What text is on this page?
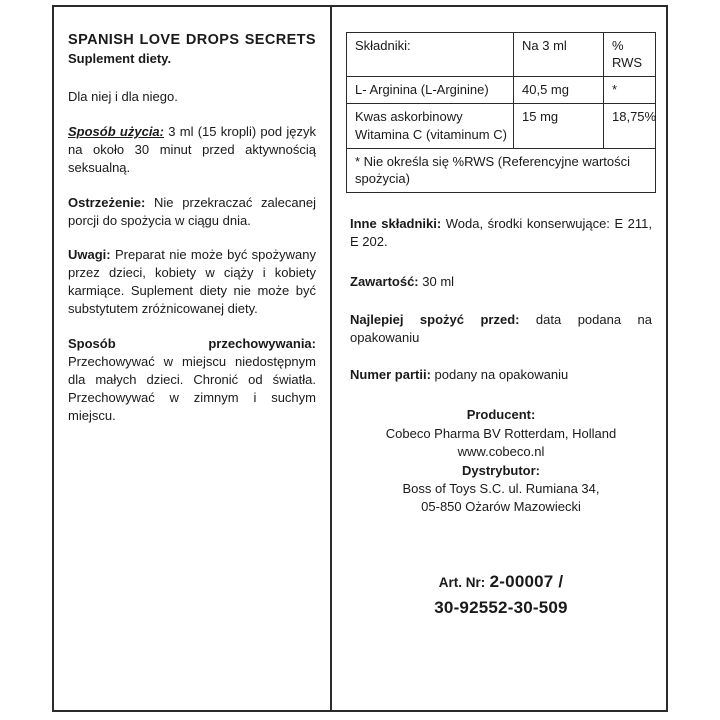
SPANISH LOVE DROPS SECRETS
Suplement diety.

Dla niej i dla niego.

Sposób użycia: 3 ml (15 kropli) pod język na około 30 minut przed aktywnością seksualną.

Ostrzeżenie: Nie przekraczać zalecanej porcji do spożycia w ciągu dnia.

Uwagi: Preparat nie może być spożywany przez dzieci, kobiety w ciąży i kobiety karmiące. Suplement diety nie może być substytutem zróżnicowanej diety.

Sposób przechowywania: Przechowywać w miejscu niedostępnym dla małych dzieci. Chronić od światła. Przechowywać w zimnym i suchym miejscu.

Składniki:	Na 3 ml	% RWS
L- Arginina (L-Arginine)	40,5 mg	*
Kwas askorbinowy Witamina C (vitaminum C)	15 mg	18,75%
* Nie określa się %RWS (Referencyjne wartości spożycia)		

Inne składniki: Woda, środki konserwujące: E 211, E 202.

Zawartość: 30 ml

Najlepiej spożyć przed: data podana na opakowaniu

Numer partii: podany na opakowaniu

Producent:
Cobeco Pharma BV Rotterdam, Holland
www.cobeco.nl
Dystrybutor:
Boss of Toys S.C. ul. Rumiana 34,
05-850 Ożarów Mazowiecki
Art. Nr: 2-00007 /
30-92552-30-509
